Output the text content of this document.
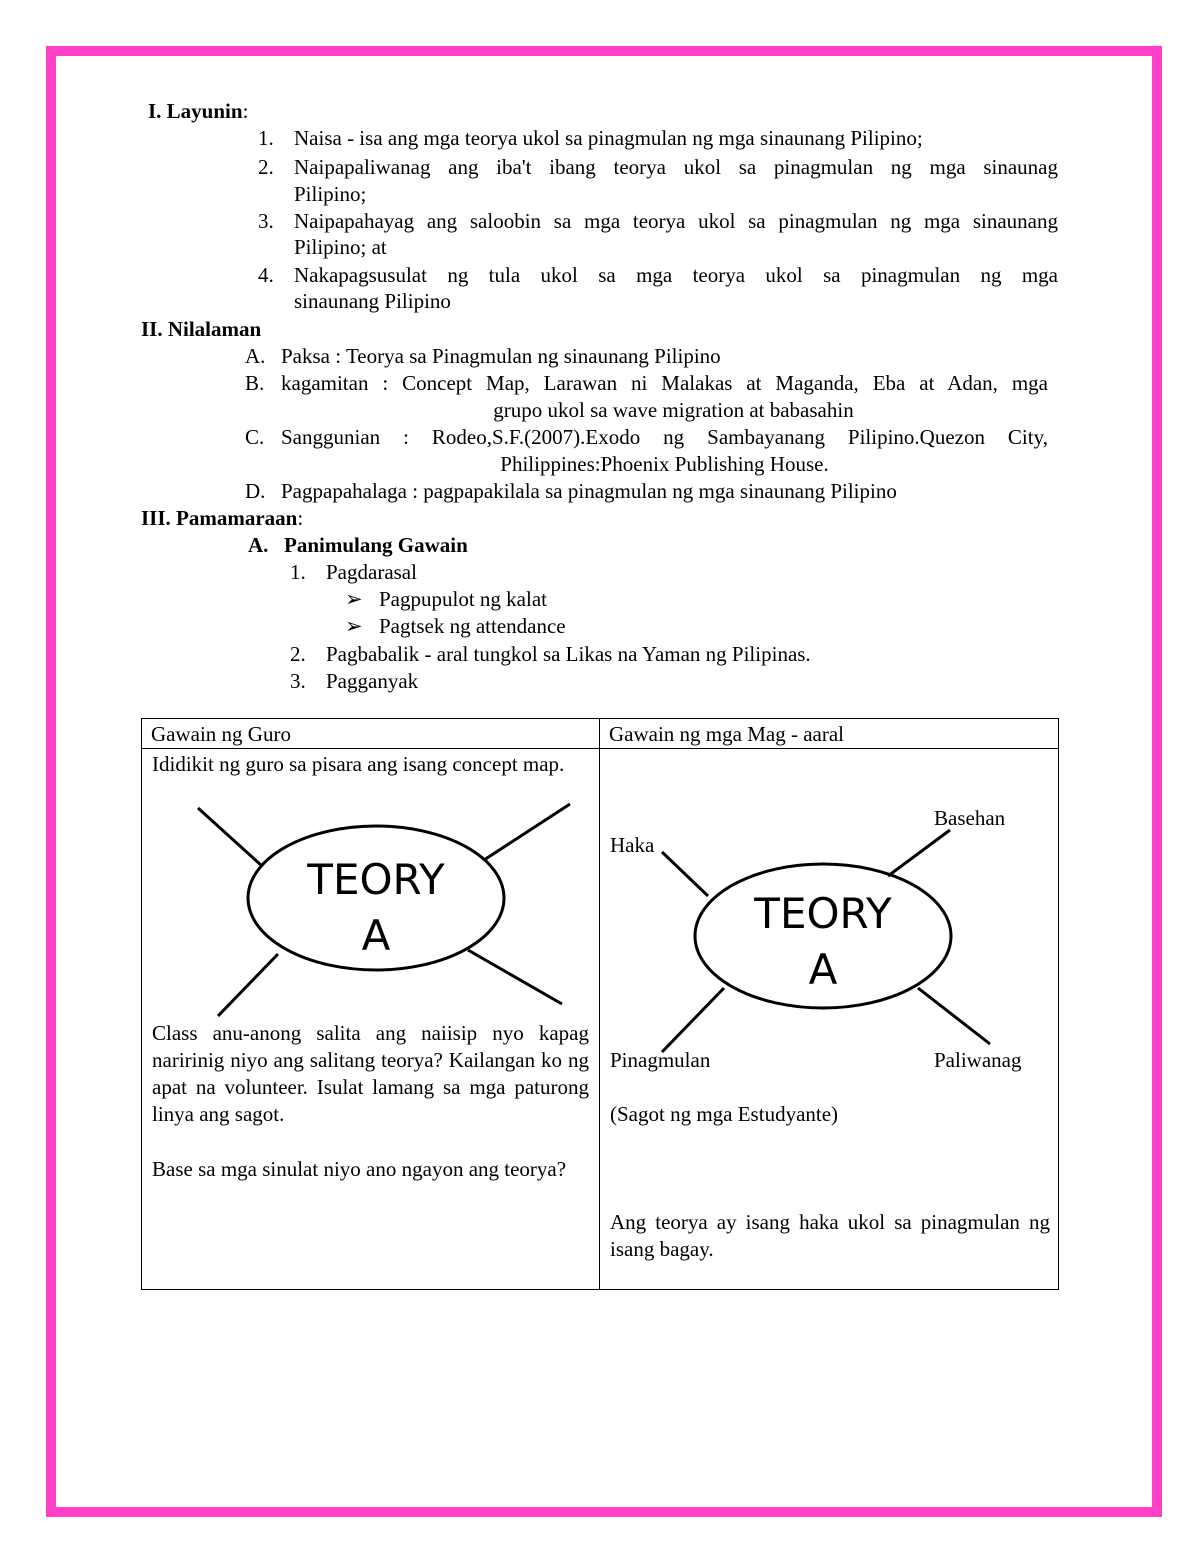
I. Layunin:
1. Naisa - isa ang mga teorya ukol sa pinagmulan ng mga sinaunang Pilipino;
2. Naipapaliwanag ang iba't ibang teorya ukol sa pinagmulan ng mga sinaunag
Pilipino;
3. Naipapahayag ang saloobin sa mga teorya ukol sa pinagmulan ng mga sinaunang
Pilipino; at
4. Nakapagsusulat ng tula ukol sa mga teorya ukol sa pinagmulan ng mga
sinaunang Pilipino
II. Nilalaman
A. Paksa : Teorya sa Pinagmulan ng sinaunang Pilipino
B. kagamitan : Concept Map, Larawan ni Malakas at Maganda, Eba at Adan, mga
grupo ukol sa wave migration at babasahin
C. Sanggunian : Rodeo,S.F.(2007).Exodo ng Sambayanang Pilipino.Quezon City,
Philippines:Phoenix Publishing House.
D. Pagpapahalaga : pagpapakilala sa pinagmulan ng mga sinaunang Pilipino
III. Pamamaraan:
A. Panimulang Gawain
1. Pagdarasal
➢ Pagpupulot ng kalat
➢ Pagtsek ng attendance
2. Pagbabalik - aral tungkol sa Likas na Yaman ng Pilipinas.
3. Pagganyak
Gawain ng Guro	Gawain ng mga Mag - aaral

Ididikit ng guro sa pisara ang isang concept map.
TEORY
A
Class anu-anong salita ang naiisip nyo kapag naririnig niyo ang salitang teorya? Kailangan ko ng apat na volunteer. Isulat lamang sa mga paturong linya ang sagot.
Base sa mga sinulat niyo ano ngayon ang teorya?
TEORY
A
Haka
Basehan
Pinagmulan	Paliwanag
(Sagot ng mga Estudyante)
Ang teorya ay isang haka ukol sa pinagmulan ng isang bagay.
